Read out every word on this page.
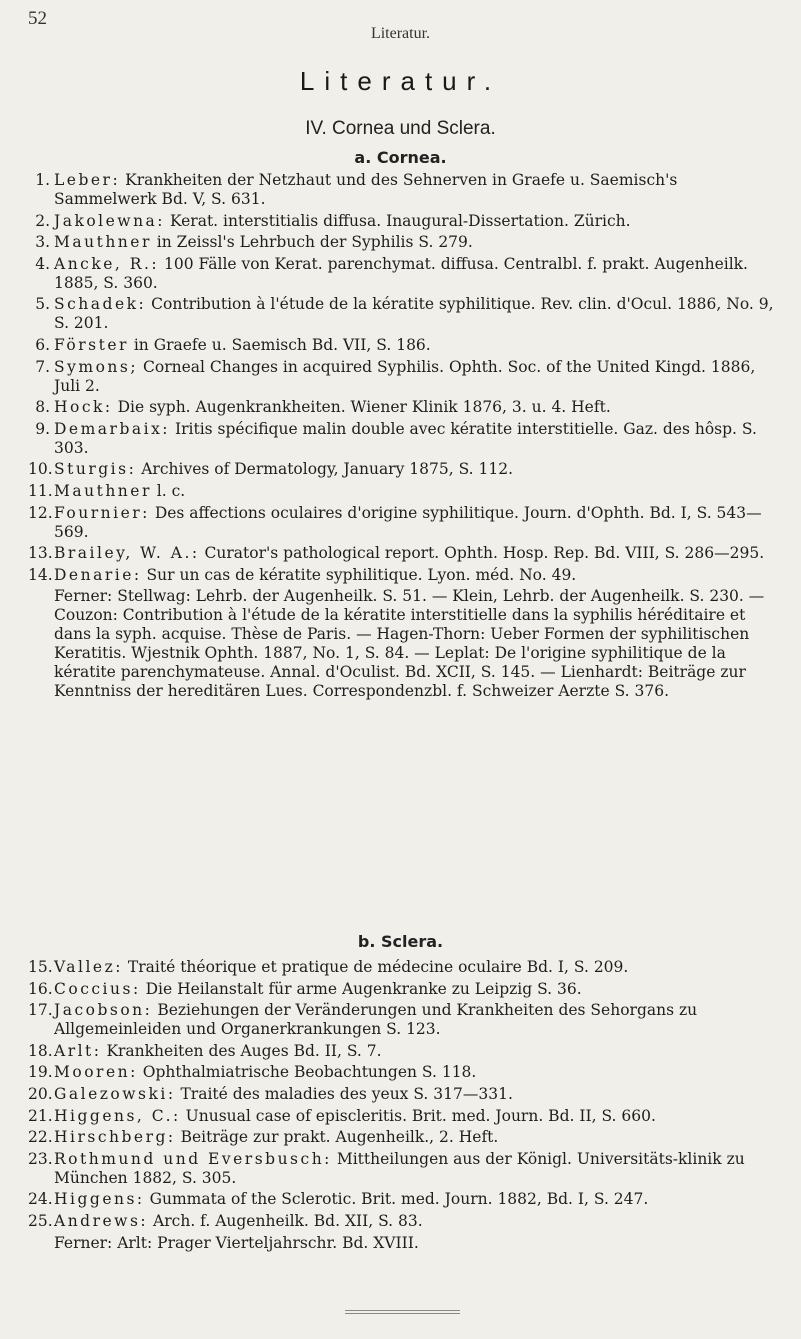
52
Literatur.
Literatur.
IV. Cornea und Sclera.
a. Cornea.
1. Leber: Krankheiten der Netzhaut und des Sehnerven in Graefe u. Saemisch's Sammelwerk Bd. V, S. 631.
2. Jakolewna: Kerat. interstitialis diffusa. Inaugural-Dissertation. Zürich.
3. Mauthner in Zeissl's Lehrbuch der Syphilis S. 279.
4. Ancke, R.: 100 Fälle von Kerat. parenchymat. diffusa. Centralbl. f. prakt. Augenheilk. 1885, S. 360.
5. Schadek: Contribution à l'étude de la kératite syphilitique. Rev. clin. d'Ocul. 1886, No. 9, S. 201.
6. Förster in Graefe u. Saemisch Bd. VII, S. 186.
7. Symons; Corneal Changes in acquired Syphilis. Ophth. Soc. of the United Kingd. 1886, Juli 2.
8. Hock: Die syph. Augenkrankheiten. Wiener Klinik 1876, 3. u. 4. Heft.
9. Demarbaix: Iritis spécifique malin double avec kératite interstitielle. Gaz. des hôsp. S. 303.
10. Sturgis: Archives of Dermatology, January 1875, S. 112.
11. Mauthner l. c.
12. Fournier: Des affections oculaires d'origine syphilitique. Journ. d'Ophth. Bd. I, S. 543—569.
13. Brailey, W. A.: Curator's pathological report. Ophth. Hosp. Rep. Bd. VIII, S. 286—295.
14. Denarie: Sur un cas de kératite syphilitique. Lyon. méd. No. 49.
Ferner: Stellwag: Lehrb. der Augenheilk. S. 51. — Klein, Lehrb. der Augenheilk. S. 230. — Couzon: Contribution à l'étude de la kératite interstitielle dans la syphilis héréditaire et dans la syph. acquise. Thèse de Paris. — Hagen-Thorn: Ueber Formen der syphilitischen Keratitis. Wjestnik Ophth. 1887, No. 1, S. 84. — Leplat: De l'origine syphilitique de la kératite parenchymateuse. Annal. d'Oculist. Bd. XCII, S. 145. — Lienhardt: Beiträge zur Kenntniss der hereditären Lues. Correspondenzbl. f. Schweizer Aerzte S. 376.
b. Sclera.
15. Vallez: Traité théorique et pratique de médecine oculaire Bd. I, S. 209.
16. Coccius: Die Heilanstalt für arme Augenkranke zu Leipzig S. 36.
17. Jacobson: Beziehungen der Veränderungen und Krankheiten des Sehorgans zu Allgemeinleiden und Organerkrankungen S. 123.
18. Arlt: Krankheiten des Auges Bd. II, S. 7.
19. Mooren: Ophthalmiatrische Beobachtungen S. 118.
20. Galezowski: Traité des maladies des yeux S. 317—331.
21. Higgens, C.: Unusual case of episcleritis. Brit. med. Journ. Bd. II, S. 660.
22. Hirschberg: Beiträge zur prakt. Augenheilk., 2. Heft.
23. Rothmund und Eversbusch: Mittheilungen aus der Königl. Universitäts-klinik zu München 1882, S. 305.
24. Higgens: Gummata of the Sclerotic. Brit. med. Journ. 1882, Bd. I, S. 247.
25. Andrews: Arch. f. Augenheilk. Bd. XII, S. 83.
Ferner: Arlt: Prager Vierteljahrschr. Bd. XVIII.
